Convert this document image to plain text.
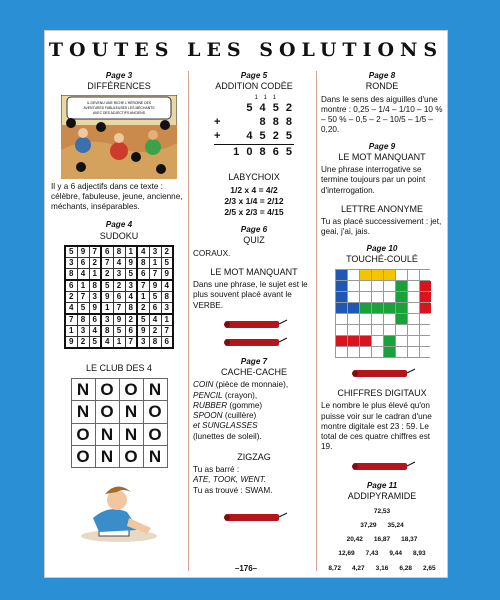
TOUTES LES SOLUTIONS
Page 3
DIFFÉRENCES
IL DEVENU UNE RICHE L'HÉROÏNE DES
AVENTURES FABULEUSES LES MÉCHANTS
AVEC DES ADJECTIFS ANCIENS
Il y a 6 adjectifs dans ce texte : célèbre, fabuleuse, jeune, ancienne, méchants, inséparables.
Page 4
SUDOKU
5	9	7	6	8	1	4	3	2
3	6	2	7	4	9	8	1	5
8	4	1	2	3	5	6	7	9
6	1	8	5	2	3	7	9	4
2	7	3	9	6	4	1	5	8
4	5	9	1	7	8	2	6	3
7	8	6	3	9	2	5	4	1
1	3	4	8	5	6	9	2	7
9	2	5	4	1	7	3	8	6
LE CLUB DES 4
N	O	O	N
N	O	N	O
O	N	N	O
O	N	O	N
Page 5
ADDITION CODÉE
1 1 1
5 4 5 2
+	8 8 8
+ 4 5 2 5
1 0 8 6 5
LABYCHOIX
1/2 x 4 = 4/2
2/3 x 1/4 = 2/12
2/5 x 2/3 = 4/15
Page 6
QUIZ
CORAUX.
LE MOT MANQUANT
Dans une phrase, le sujet est le plus souvent placé avant le VERBE.
Page 7
CACHE-CACHE
COIN (pièce de monnaie),
PENCIL (crayon),
RUBBER (gomme)
SPOON (cuillère)
et SUNGLASSES
(lunettes de soleil).
ZIGZAG
Tu as barré :
ATE, TOOK, WENT.
Tu as trouvé : SWAM.
Page 8
RONDE
Dans le sens des aiguilles d'une montre : 0,25 – 1/4 – 1/10 – 10 % – 50 % – 0,5 – 2 – 10/5 – 1/5 – 0,20.
Page 9
LE MOT MANQUANT
Une phrase interrogative se termine toujours par un point d'interrogation.
LETTRE ANONYME
Tu as placé successivement : jet, geai, j'ai, jais.
Page 10
TOUCHÉ-COULÉ
CHIFFRES DIGITAUX
Le nombre le plus élevé qu'on puisse voir sur le cadran d'une montre digitale est 23 : 59. Le total de ces quatre chiffres est 19.
Page 11
ADDIPYRAMIDE
72,53
37,29 35,24
20,42 16,87 18,37
12,69 7,43 9,44 8,93
8,72 4,27 3,16 6,28 2,65
–176–
